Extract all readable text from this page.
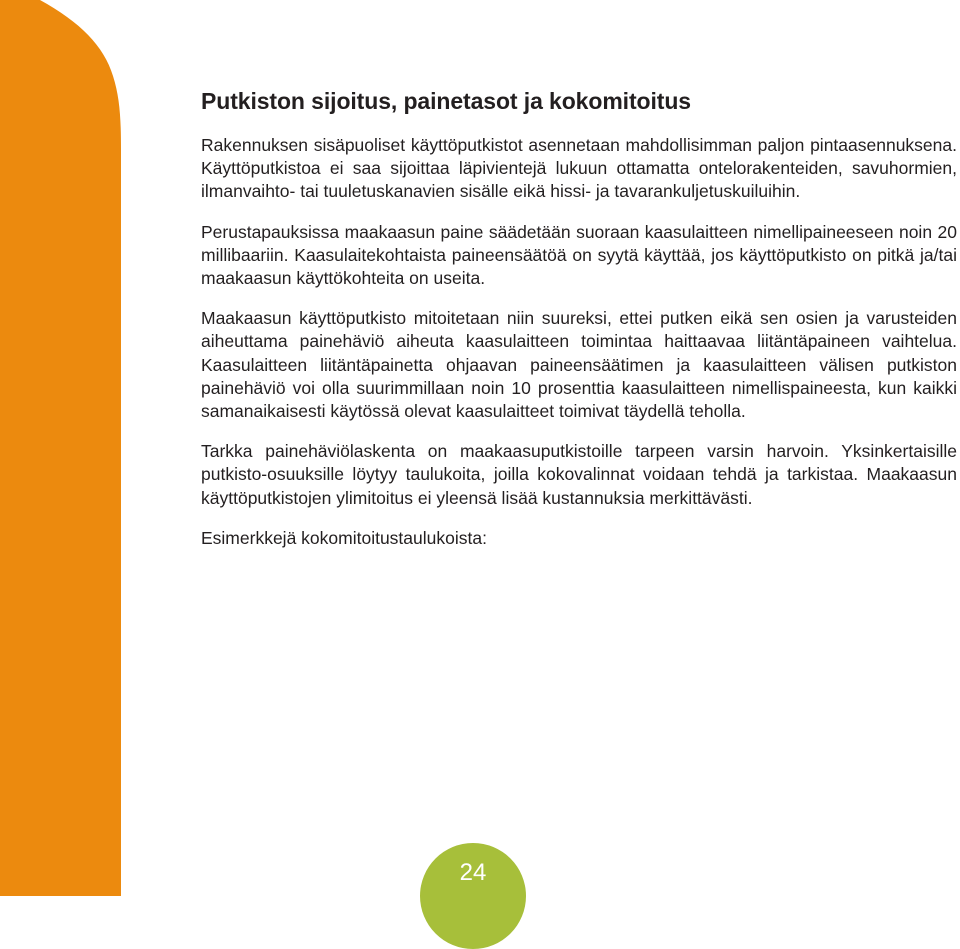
Putkiston sijoitus, painetasot ja kokomitoitus

Rakennuksen sisäpuoliset käyttöputkistot asennetaan mahdollisimman paljon pintaasennuksena. Käyttöputkistoa ei saa sijoittaa läpivientejä lukuun ottamatta ontelorakenteiden, savuhormien, ilmanvaihto- tai tuuletuskanavien sisälle eikä hissi- ja tavarankuljetuskuiluihin.

Perustapauksissa maakaasun paine säädetään suoraan kaasulaitteen nimellipaineeseen noin 20 millibaariin. Kaasulaitekohtaista paineensäätöä on syytä käyttää, jos käyttöputkisto on pitkä ja/tai maakaasun käyttökohteita on useita.

Maakaasun käyttöputkisto mitoitetaan niin suureksi, ettei putken eikä sen osien ja varusteiden aiheuttama painehäviö aiheuta kaasulaitteen toimintaa haittaavaa liitäntäpaineen vaihtelua. Kaasulaitteen liitäntäpainetta ohjaavan paineensäätimen ja kaasulaitteen välisen putkiston painehäviö voi olla suurimmillaan noin 10 prosenttia kaasulaitteen nimellispaineesta, kun kaikki samanaikaisesti käytössä olevat kaasulaitteet toimivat täydellä teholla.

Tarkka painehäviölaskenta on maakaasuputkistoille tarpeen varsin harvoin. Yksinkertaisille putkisto-osuuksille löytyy taulukoita, joilla kokovalinnat voidaan tehdä ja tarkistaa. Maakaasun käyttöputkistojen ylimitoitus ei yleensä lisää kustannuksia merkittävästi.

Esimerkkejä kokomitoitustaulukoista:

24
